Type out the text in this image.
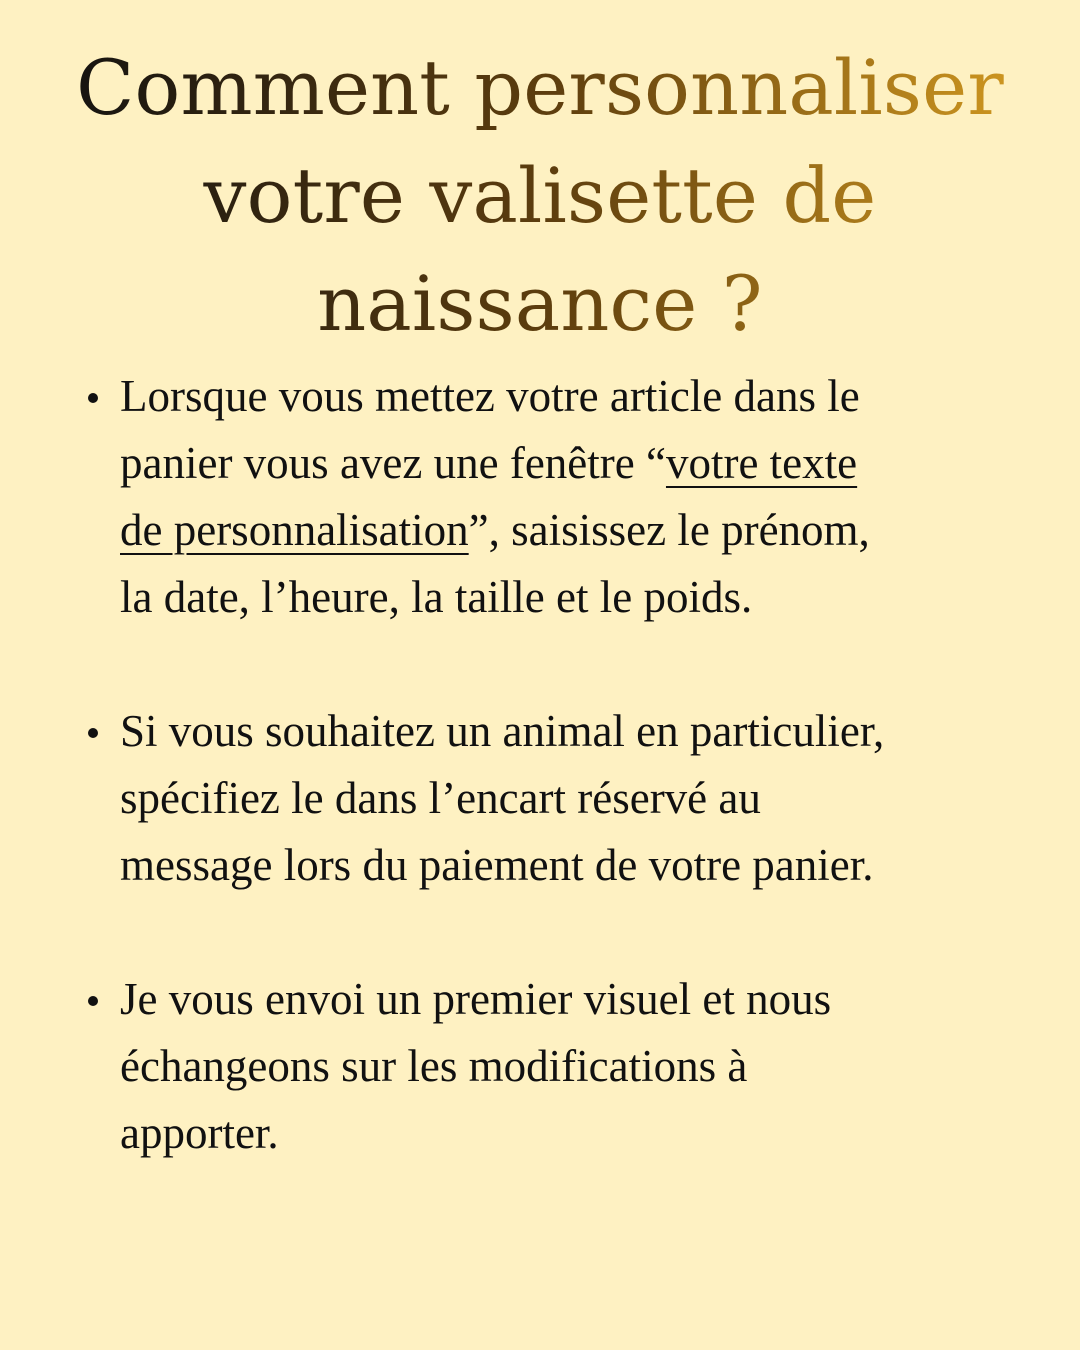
Comment personnaliser
votre valisette de
naissance ?
Lorsque vous mettez votre article dans le
panier vous avez une fenêtre “votre texte
de personnalisation”, saisissez le prénom,
la date, l’heure, la taille et le poids.
Si vous souhaitez un animal en particulier,
spécifiez le dans l’encart réservé au
message lors du paiement de votre panier.
Je vous envoi un premier visuel et nous
échangeons sur les modifications à
apporter.
